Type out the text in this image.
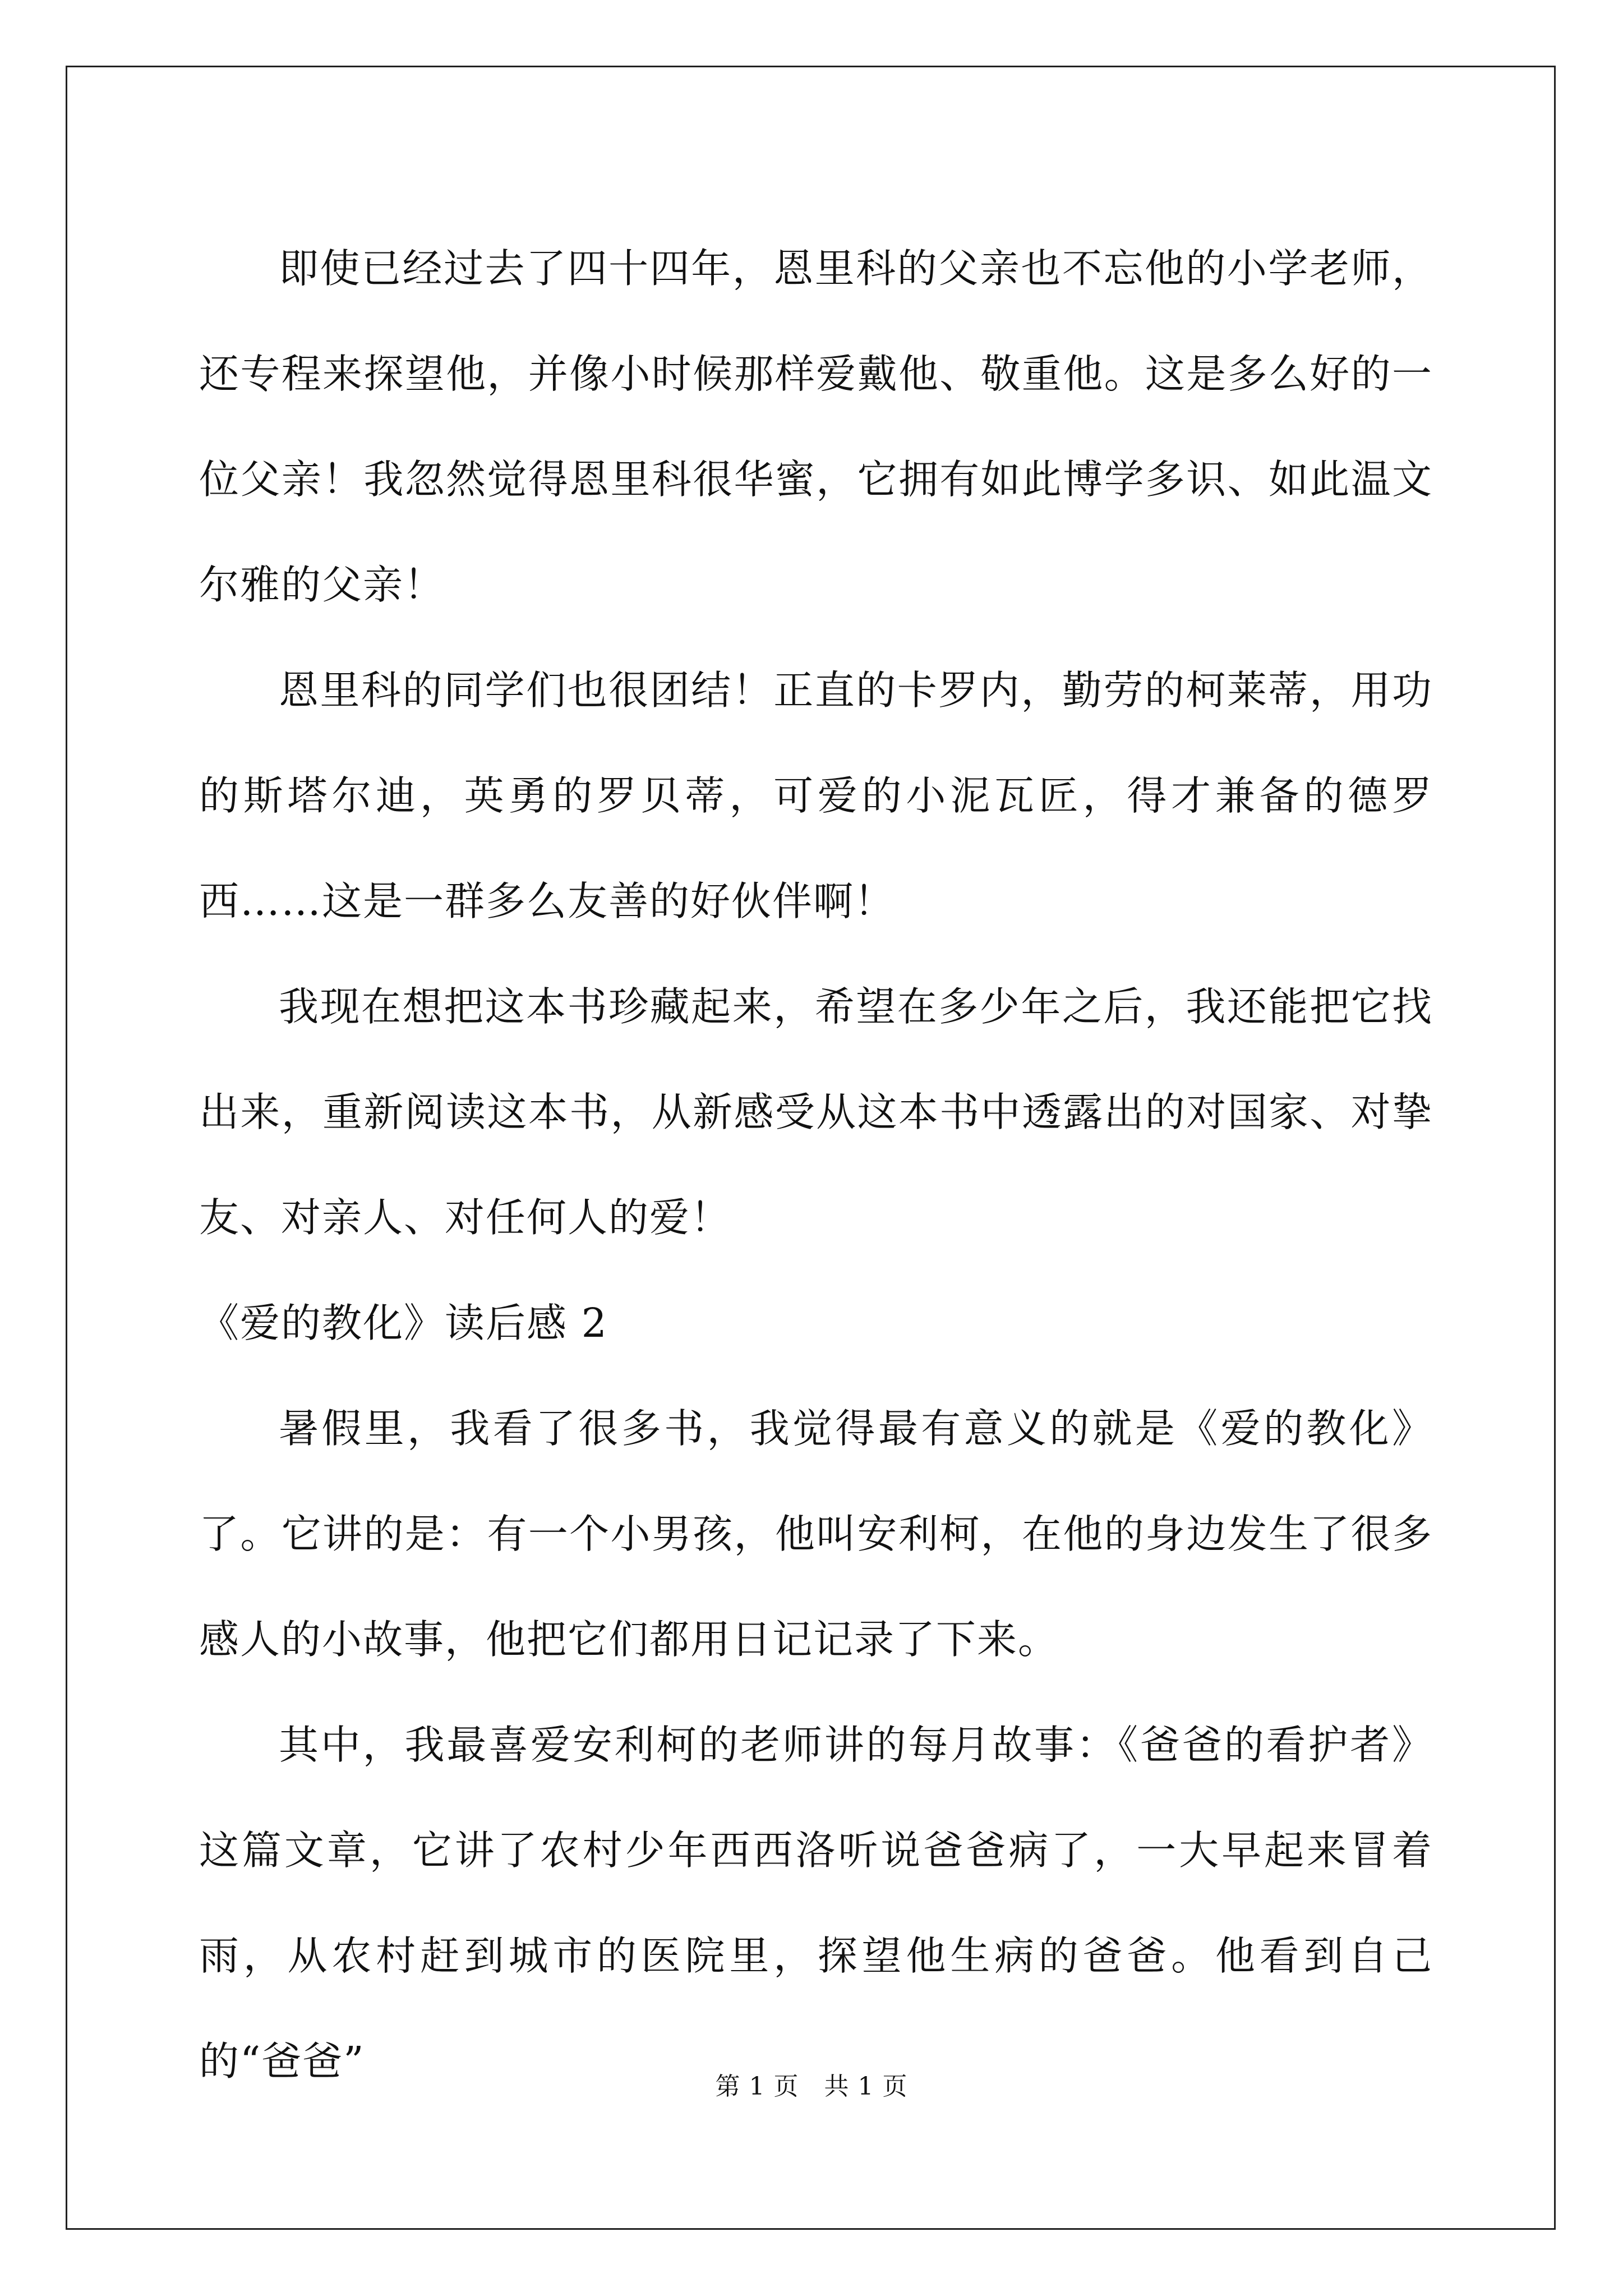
即使已经过去了四十四年，恩里科的父亲也不忘他的小学老师，还专程来探望他，并像小时候那样爱戴他、敬重他。这是多么好的一位父亲！我忽然觉得恩里科很华蜜，它拥有如此博学多识、如此温文尔雅的父亲！

恩里科的同学们也很团结！正直的卡罗内，勤劳的柯莱蒂，用功的斯塔尔迪，英勇的罗贝蒂，可爱的小泥瓦匠，得才兼备的德罗西……这是一群多么友善的好伙伴啊！

我现在想把这本书珍藏起来，希望在多少年之后，我还能把它找出来，重新阅读这本书，从新感受从这本书中透露出的对国家、对挚友、对亲人、对任何人的爱！

《爱的教化》读后感 2

暑假里，我看了很多书，我觉得最有意义的就是《爱的教化》了。它讲的是：有一个小男孩，他叫安利柯，在他的身边发生了很多感人的小故事，他把它们都用日记记录了下来。

其中，我最喜爱安利柯的老师讲的每月故事：《爸爸的看护者》这篇文章，它讲了农村少年西西洛听说爸爸病了，一大早起来冒着雨，从农村赶到城市的医院里，探望他生病的爸爸。他看到自己的“爸爸”

第 1 页　共 1 页
